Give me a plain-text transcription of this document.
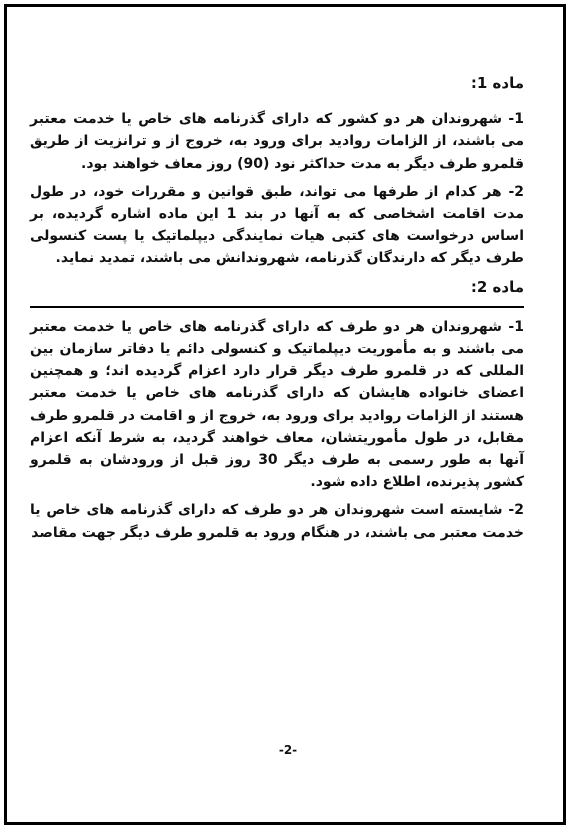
ماده 1:

1- شهروندان هر دو کشور که دارای گذرنامه های خاص یا خدمت معتبر می باشند، از الزامات روادید برای ورود به، خروج از و ترانزیت از طریق قلمرو طرف دیگر به مدت حداکثر نود (90) روز معاف خواهند بود.

2- هر کدام از طرفها می تواند، طبق قوانین و مقررات خود، در طول مدت اقامت اشخاصی که به آنها در بند 1 این ماده اشاره گردیده، بر اساس درخواست های کتبی هیات نمایندگی دیپلماتیک یا پست کنسولی طرف دیگر که دارندگان گذرنامه، شهروندانش می باشند، تمدید نماید.

ماده 2:

1- شهروندان هر دو طرف که دارای گذرنامه های خاص یا خدمت معتبر می باشند و به مأموریت دیپلماتیک و کنسولی دائم یا دفاتر سازمان بین المللی که در قلمرو طرف دیگر قرار دارد اعزام گردیده اند؛ و همچنین اعضای خانواده هایشان که دارای گذرنامه های خاص یا خدمت معتبر هستند از الزامات روادید برای ورود به، خروج از و اقامت در قلمرو طرف مقابل، در طول مأموریتشان، معاف خواهند گردید، به شرط آنکه اعزام آنها به طور رسمی به طرف دیگر 30 روز قبل از ورودشان به قلمرو کشور پذیرنده، اطلاع داده شود.

2- شایسته است شهروندان هر دو طرف که دارای گذرنامه های خاص یا خدمت معتبر می باشند، در هنگام ورود به قلمرو طرف دیگر جهت مقاصد

-2-
